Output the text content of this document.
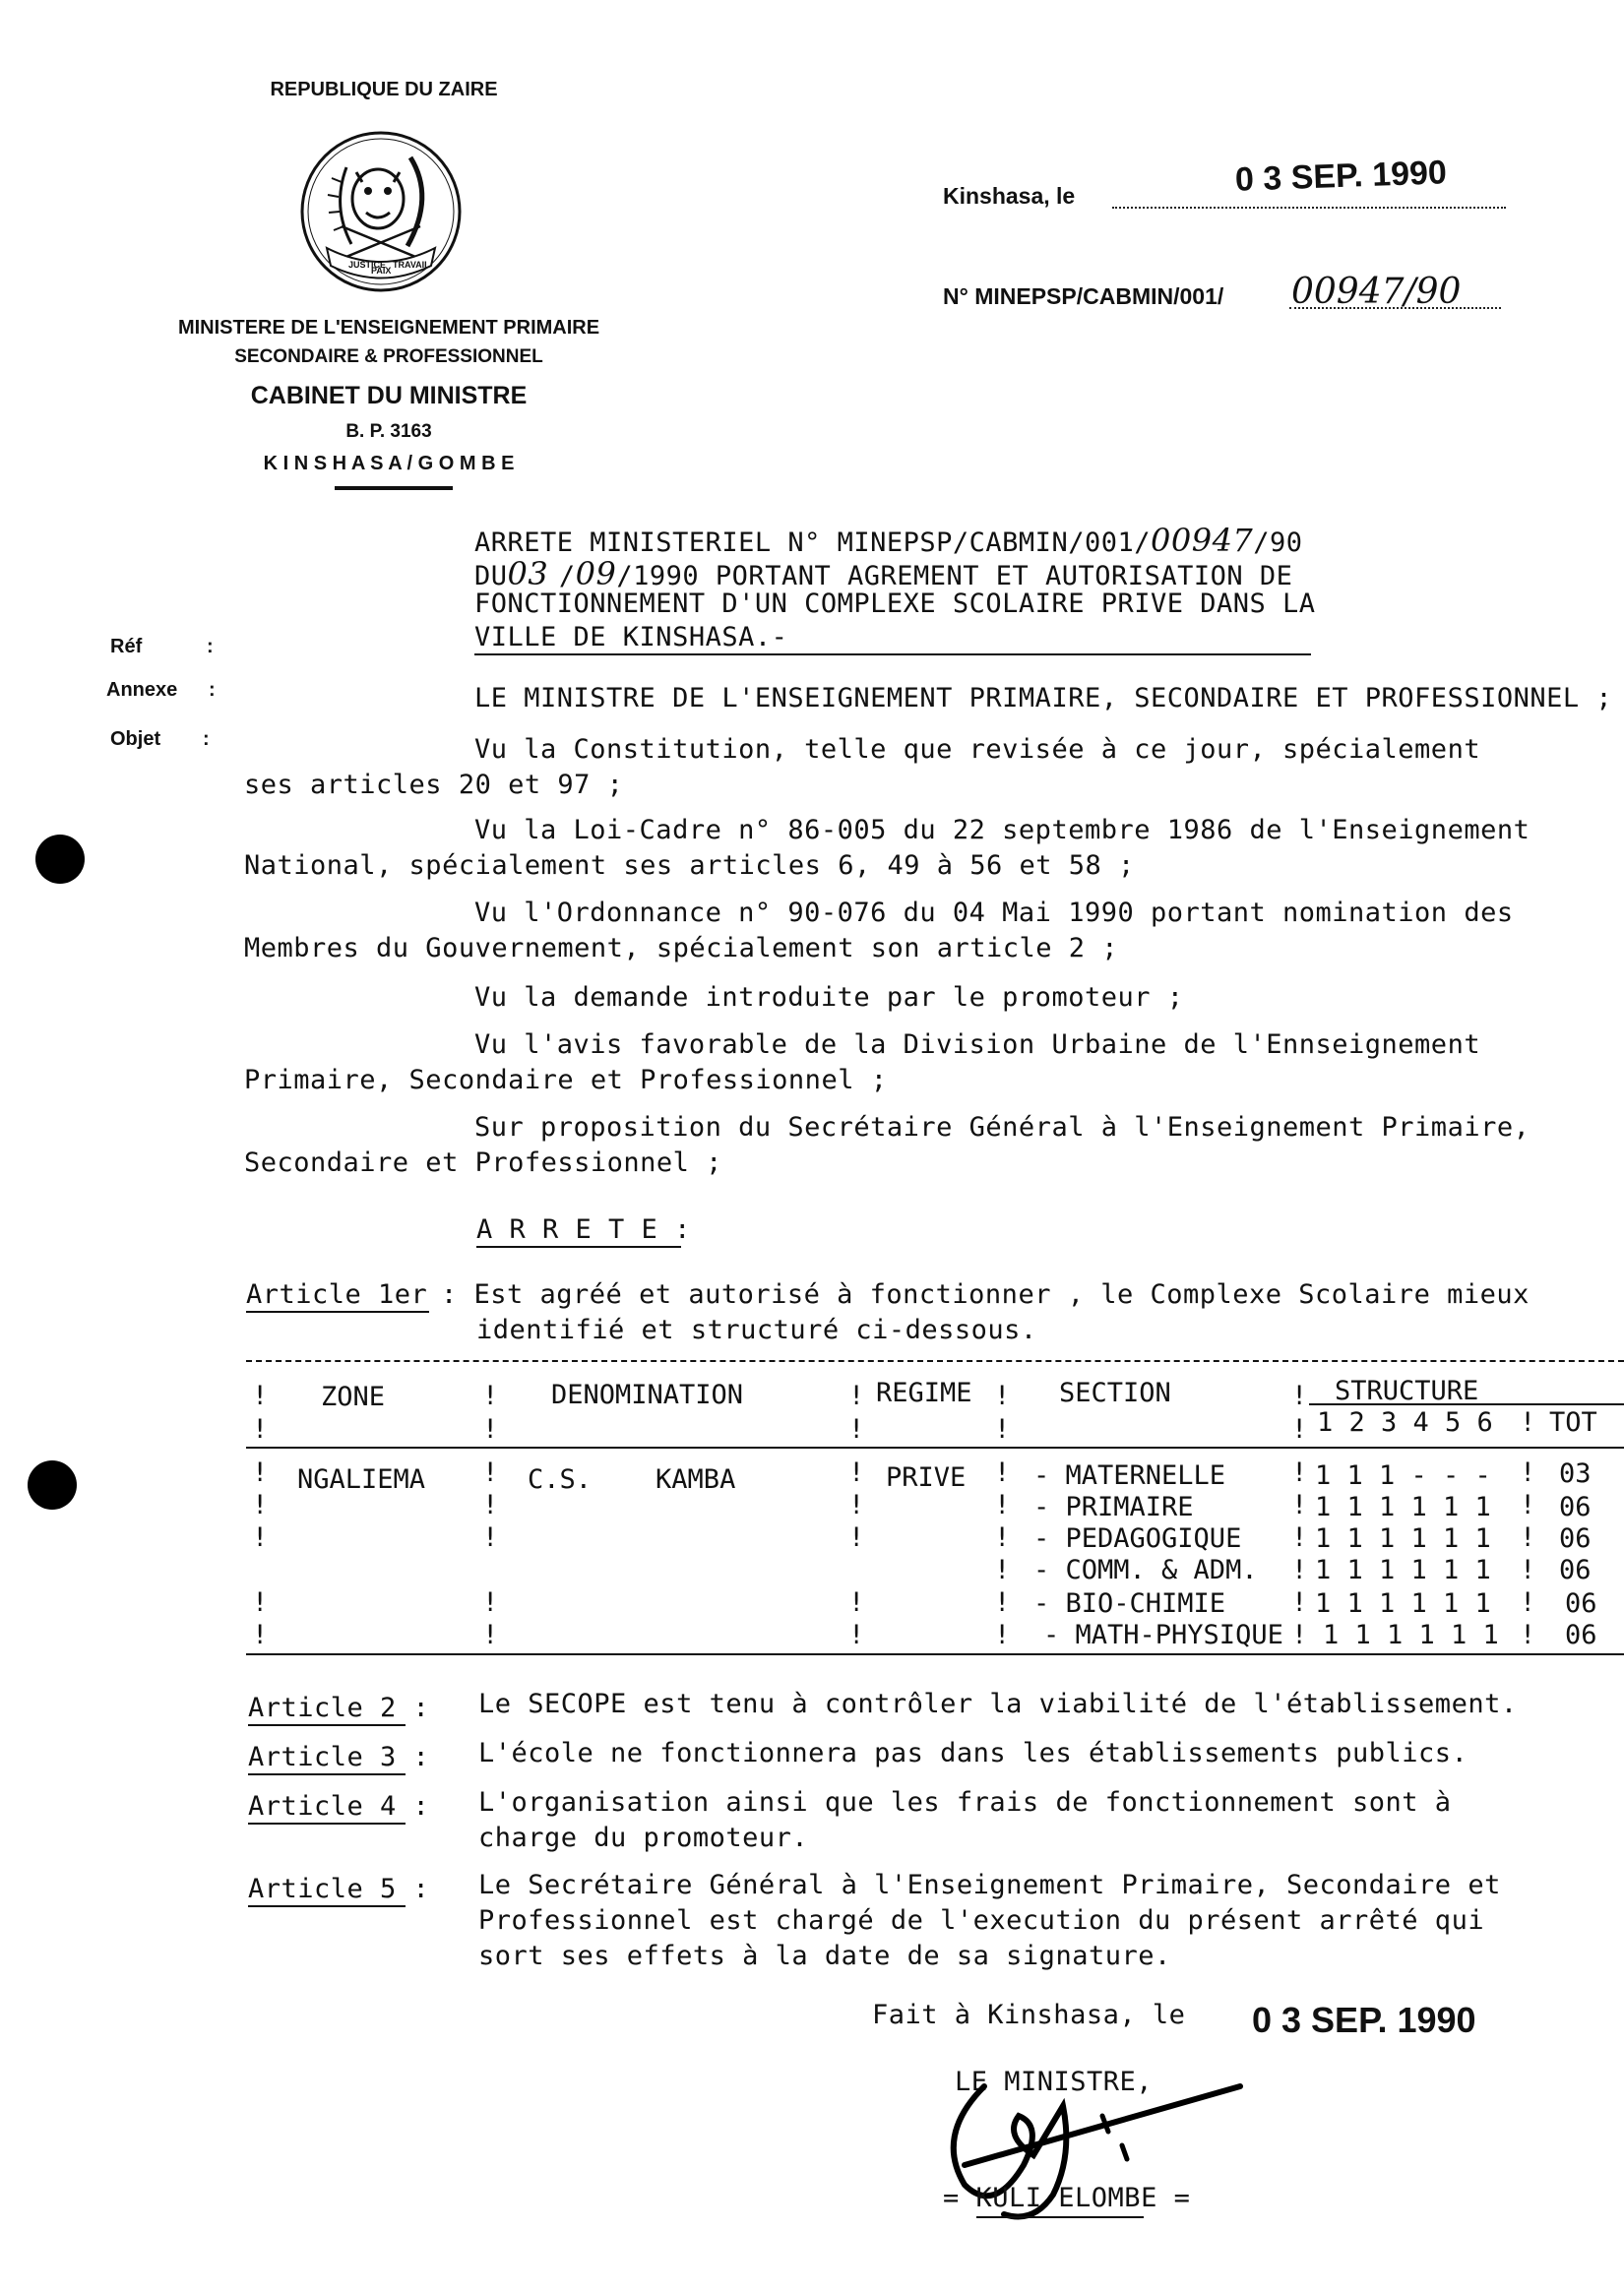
REPUBLIQUE DU ZAIRE
JUSTICE
PAIX
TRAVAIL
MINISTERE DE L'ENSEIGNEMENT PRIMAIRE
SECONDAIRE & PROFESSIONNEL
CABINET DU MINISTRE
B. P. 3163
K I N S H A S A / G O M B E
Kinshasa, le	0 3 SEP. 1990
N° MINEPSP/CABMIN/001/ 00947/90
Réf	:
Annexe :
Objet :
ARRETE MINISTERIEL N° MINEPSP/CABMIN/001/00947/90
DU03 /09/1990 PORTANT AGREMENT ET AUTORISATION DE
FONCTIONNEMENT D'UN COMPLEXE SCOLAIRE PRIVE DANS LA
VILLE DE KINSHASA.-
LE MINISTRE DE L'ENSEIGNEMENT PRIMAIRE, SECONDAIRE ET PROFESSIONNEL ;
Vu la Constitution, telle que revisée à ce jour, spécialement
ses articles 20 et 97 ;
Vu la Loi-Cadre n° 86-005 du 22 septembre 1986 de l'Enseignement
National, spécialement ses articles 6, 49 à 56 et 58 ;
Vu l'Ordonnance n° 90-076 du 04 Mai 1990 portant nomination des
Membres du Gouvernement, spécialement son article 2 ;
Vu la demande introduite par le promoteur ;
Vu l'avis favorable de la Division Urbaine de l'Ennseignement
Primaire, Secondaire et Professionnel ;
Sur proposition du Secrétaire Général à l'Enseignement Primaire,
Secondaire et Professionnel ;
A R R E T E :
Article 1er : Est agréé et autorisé à fonctionner , le Complexe Scolaire mieux
identifié et structuré ci-dessous.
ZONE	DENOMINATION	REGIME	SECTION	STRUCTURE
1 2 3 4 5 6 TOT
!
!
!
!
!
!
!
!
!
!	!
!
!
!

!
!
!
!
!

!
!
!
!
!

!
!
!
!
!
!
!
!
!
!
!
!
!
!
!
!
!
!
!
!
NGALIEMA	C.S.    KAMBA	PRIVE	- MATERNELLE	1 1 1 - - -	03
- PRIMAIRE	1 1 1 1 1 1	06
- PEDAGOGIQUE	1 1 1 1 1 1	06
- COMM. & ADM. 1 1 1 1 1 1	06
- BIO-CHIMIE	1 1 1 1 1 1	06
- MATH-PHYSIQUE 1 1 1 1 1 1 06
Article 2 : Le SECOPE est tenu à contrôler la viabilité de l'établissement.
Article 3 : L'école ne fonctionnera pas dans les établissements publics.
Article 4 : L'organisation ainsi que les frais de fonctionnement sont à
charge du promoteur.
Article 5 : Le Secrétaire Général à l'Enseignement Primaire, Secondaire et
Professionnel est chargé de l'execution du présent arrêté qui
sort ses effets à la date de sa signature.
Fait à Kinshasa, le 0 3 SEP. 1990
LE MINISTRE,
= KULI ELOMBE =
